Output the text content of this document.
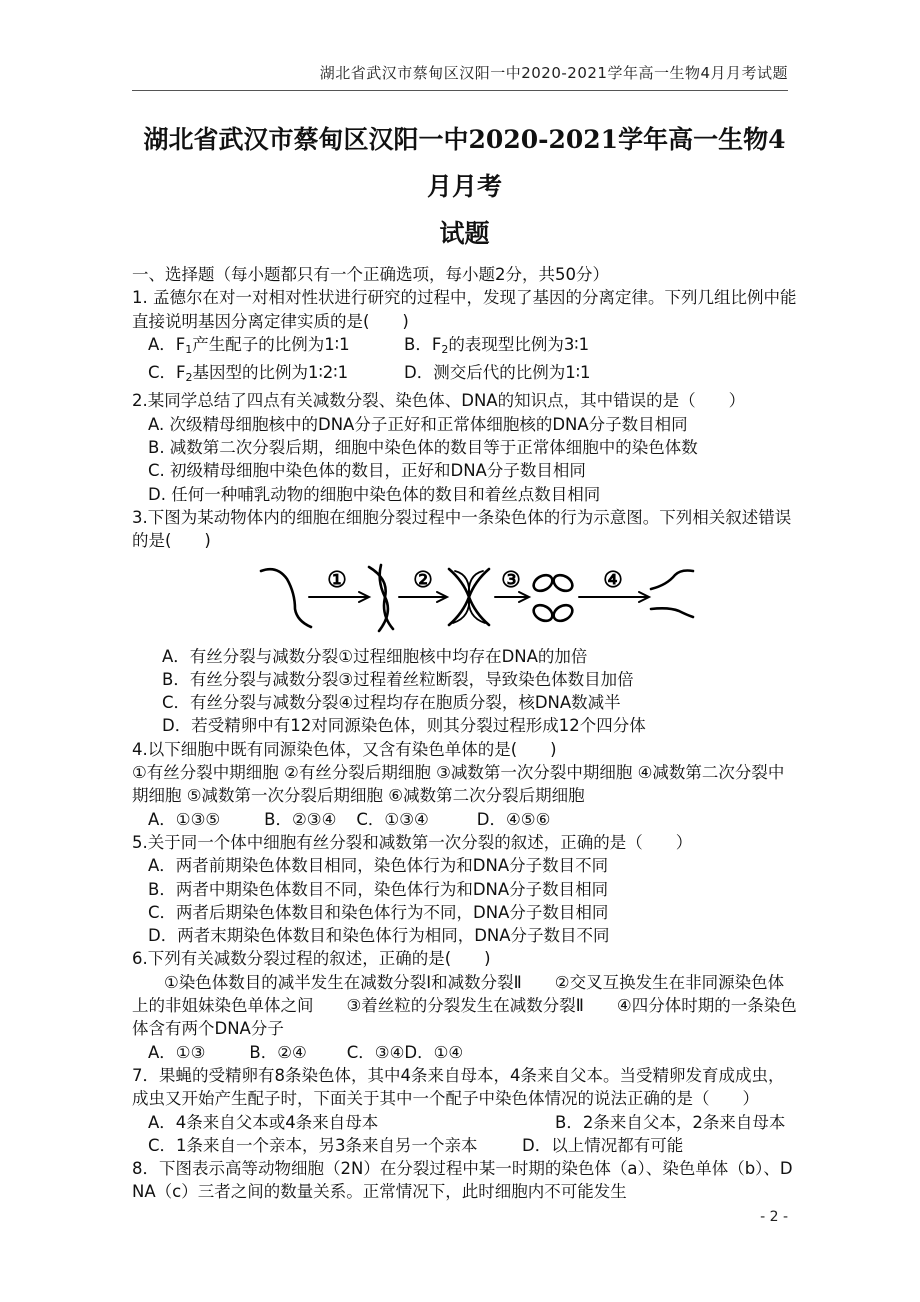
湖北省武汉市蔡甸区汉阳一中2020-2021学年高一生物4月月考试题
湖北省武汉市蔡甸区汉阳一中2020-2021学年高一生物4月月考
试题

一、选择题（每小题都只有一个正确选项，每小题2分，共50分）

1. 孟德尔在对一对相对性状进行研究的过程中，发现了基因的分离定律。下列几组比例中能直接说明基因分离定律实质的是(　　)

A．$F_1$产生配子的比例为1∶1	B．$F_2$的表现型比例为3∶1
C．$F_2$基因型的比例为1∶2∶1	D．测交后代的比例为1∶1

2.某同学总结了四点有关减数分裂、染色体、DNA的知识点，其中错误的是（　　）

A. 次级精母细胞核中的DNA分子正好和正常体细胞核的DNA分子数目相同
B. 减数第二次分裂后期，细胞中染色体的数目等于正常体细胞中的染色体数
C. 初级精母细胞中染色体的数目，正好和DNA分子数目相同
D. 任何一种哺乳动物的细胞中染色体的数目和着丝点数目相同

3.下图为某动物体内的细胞在细胞分裂过程中一条染色体的行为示意图。下列相关叙述错误的是(　　)

①	②	③	④
A．有丝分裂与减数分裂①过程细胞核中均存在DNA的加倍
B．有丝分裂与减数分裂③过程着丝粒断裂，导致染色体数目加倍
C．有丝分裂与减数分裂④过程均存在胞质分裂，核DNA数减半
D．若受精卵中有12对同源染色体，则其分裂过程形成12个四分体

4.以下细胞中既有同源染色体，又含有染色单体的是(　　)

①有丝分裂中期细胞 ②有丝分裂后期细胞 ③减数第一次分裂中期细胞 ④减数第二次分裂中期细胞 ⑤减数第一次分裂后期细胞 ⑥减数第二次分裂后期细胞

A．①③⑤	B．②③④ C．①③④	D．④⑤⑥

5.关于同一个体中细胞有丝分裂和减数第一次分裂的叙述，正确的是（　　）

A．两者前期染色体数目相同，染色体行为和DNA分子数目不同
B．两者中期染色体数目不同，染色体行为和DNA分子数目相同
C．两者后期染色体数目和染色体行为不同，DNA分子数目相同
D．两者末期染色体数目和染色体行为相同，DNA分子数目不同

6.下列有关减数分裂过程的叙述，正确的是(　　)

①染色体数目的减半发生在减数分裂Ⅰ和减数分裂Ⅱ　　②交叉互换发生在非同源染色体上的非姐妹染色单体之间　　③着丝粒的分裂发生在减数分裂Ⅱ　　④四分体时期的一条染色体含有两个DNA分子

A．①③	B．②④ C．③④D．①④

7．果蝇的受精卵有8条染色体，其中4条来自母本，4条来自父本。当受精卵发育成成虫，成虫又开始产生配子时，下面关于其中一个配子中染色体情况的说法正确的是（　　）

A．4条来自父本或4条来自母本	B．2条来自父本，2条来自母本
C．1条来自一个亲本，另3条来自另一个亲本	D．以上情况都有可能

8．下图表示高等动物细胞（2N）在分裂过程中某一时期的染色体（a）、染色单体（b）、DNA（c）三者之间的数量关系。正常情况下，此时细胞内不可能发生

- 2 -
